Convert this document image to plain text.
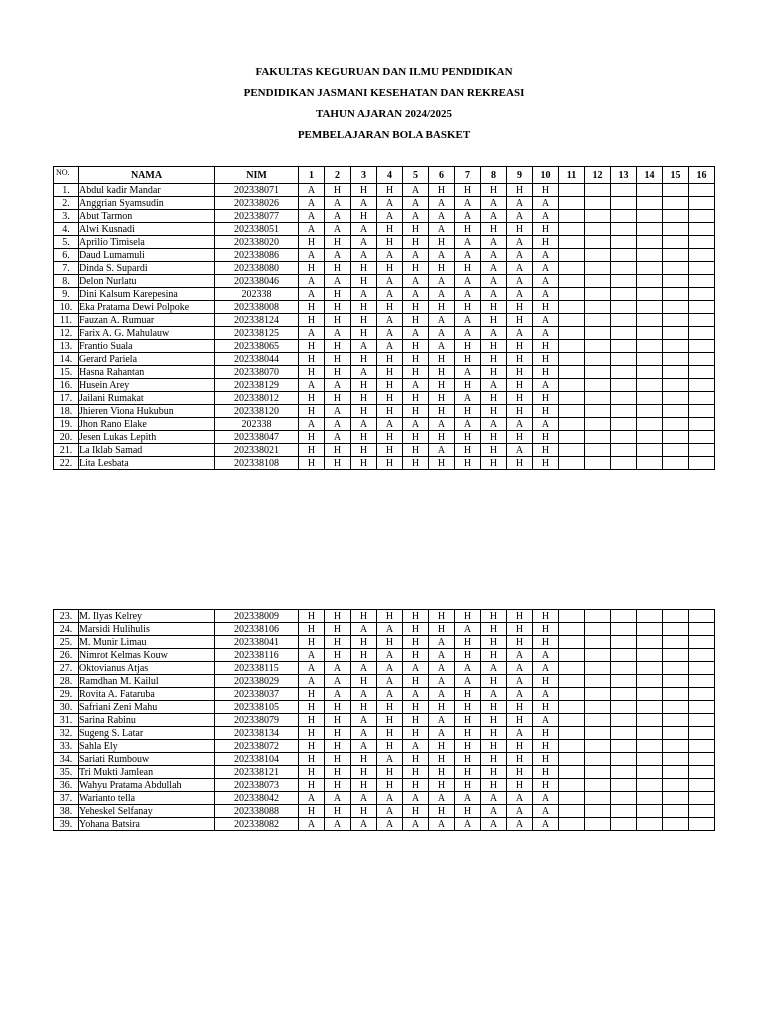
FAKULTAS KEGURUAN DAN ILMU PENDIDIKAN
PENDIDIKAN JASMANI KESEHATAN DAN REKREASI
TAHUN AJARAN 2024/2025
PEMBELAJARAN BOLA BASKET
NO.	NAMA	NIM	1	2	3	4	5	6	7	8	9	10	11	12	13	14	15	16
1.	Abdul kadir Mandar	202338071	A	H	H	H	A	H	H	H	H	H						
2.	Anggrian Syamsudin	202338026	A	A	A	A	A	A	A	A	A	A						
3.	Abut Tarmon	202338077	A	A	H	A	A	A	A	A	A	A						
4.	Alwi Kusnadi	202338051	A	A	A	H	H	A	H	H	H	H						
5.	Aprilio Timisela	202338020	H	H	A	H	H	H	A	A	A	H						
6.	Daud Lumamuli	202338086	A	A	A	A	A	A	A	A	A	A						
7.	Dinda S. Supardi	202338080	H	H	H	H	H	H	H	A	A	A						
8.	Delon Nurlatu	202338046	A	A	H	A	A	A	A	A	A	A						
9.	Dini Kalsum Karepesina	202338	A	H	A	A	A	A	A	A	A	A						
10.	Eka Pratama Dewi Polpoke	202338008	H	H	H	H	H	H	H	H	H	H						
11.	Fauzan A. Rumuar	202338124	H	H	H	A	H	A	A	H	H	A						
12.	Farix A. G. Mahulauw	202338125	A	A	H	A	A	A	A	A	A	A						
13.	Frantio Suala	202338065	H	H	A	A	H	A	H	H	H	H						
14.	Gerard Pariela	202338044	H	H	H	H	H	H	H	H	H	H						
15.	Hasna Rahantan	202338070	H	H	A	H	H	H	A	H	H	H						
16.	Husein Arey	202338129	A	A	H	H	A	H	H	A	H	A						
17.	Jailani Rumakat	202338012	H	H	H	H	H	H	A	H	H	H						
18.	Jhieren Viona Hukubun	202338120	H	A	H	H	H	H	H	H	H	H						
19.	Jhon Rano Elake	202338	A	A	A	A	A	A	A	A	A	A						
20.	Jesen Lukas Lepith	202338047	H	A	H	H	H	H	H	H	H	H						
21.	La Iklab Samad	202338021	H	H	H	H	H	A	H	H	A	H						
22.	Lita Lesbata	202338108	H	H	H	H	H	H	H	H	H	H						
23.	M. Ilyas Kelrey	202338009	H	H	H	H	H	H	H	H	H	H						
24.	Marsidi Hulihulis	202338106	H	H	A	A	H	H	A	H	H	H						
25.	M. Munir Limau	202338041	H	H	H	H	H	A	H	H	H	H						
26.	Nimrot Kelmas Kouw	202338116	A	H	H	A	H	A	H	H	A	A						
27.	Oktovianus Atjas	202338115	A	A	A	A	A	A	A	A	A	A						
28.	Ramdhan M. Kailul	202338029	A	A	H	A	H	A	A	H	A	H						
29.	Rovita A. Fataruba	202338037	H	A	A	A	A	A	H	A	A	A						
30.	Safriani Zeni Mahu	202338105	H	H	H	H	H	H	H	H	H	H						
31.	Sarina Rabinu	202338079	H	H	A	H	H	A	H	H	H	A						
32.	Sugeng S. Latar	202338134	H	H	A	H	H	A	H	H	A	H						
33.	Sahla Ely	202338072	H	H	A	H	A	H	H	H	H	H						
34.	Sariati Rumbouw	202338104	H	H	H	A	H	H	H	H	H	H						
35.	Tri Mukti Jamlean	202338121	H	H	H	H	H	H	H	H	H	H						
36.	Wahyu Pratama Abdullah	202338073	H	H	H	H	H	H	H	H	H	H						
37.	Warianto tella	202338042	A	A	A	A	A	A	A	A	A	A						
38.	Yeheskel Selfanay	202338088	H	H	H	A	H	H	H	A	A	A						
39.	Yohana Batsira	202338082	A	A	A	A	A	A	A	A	A	A						
